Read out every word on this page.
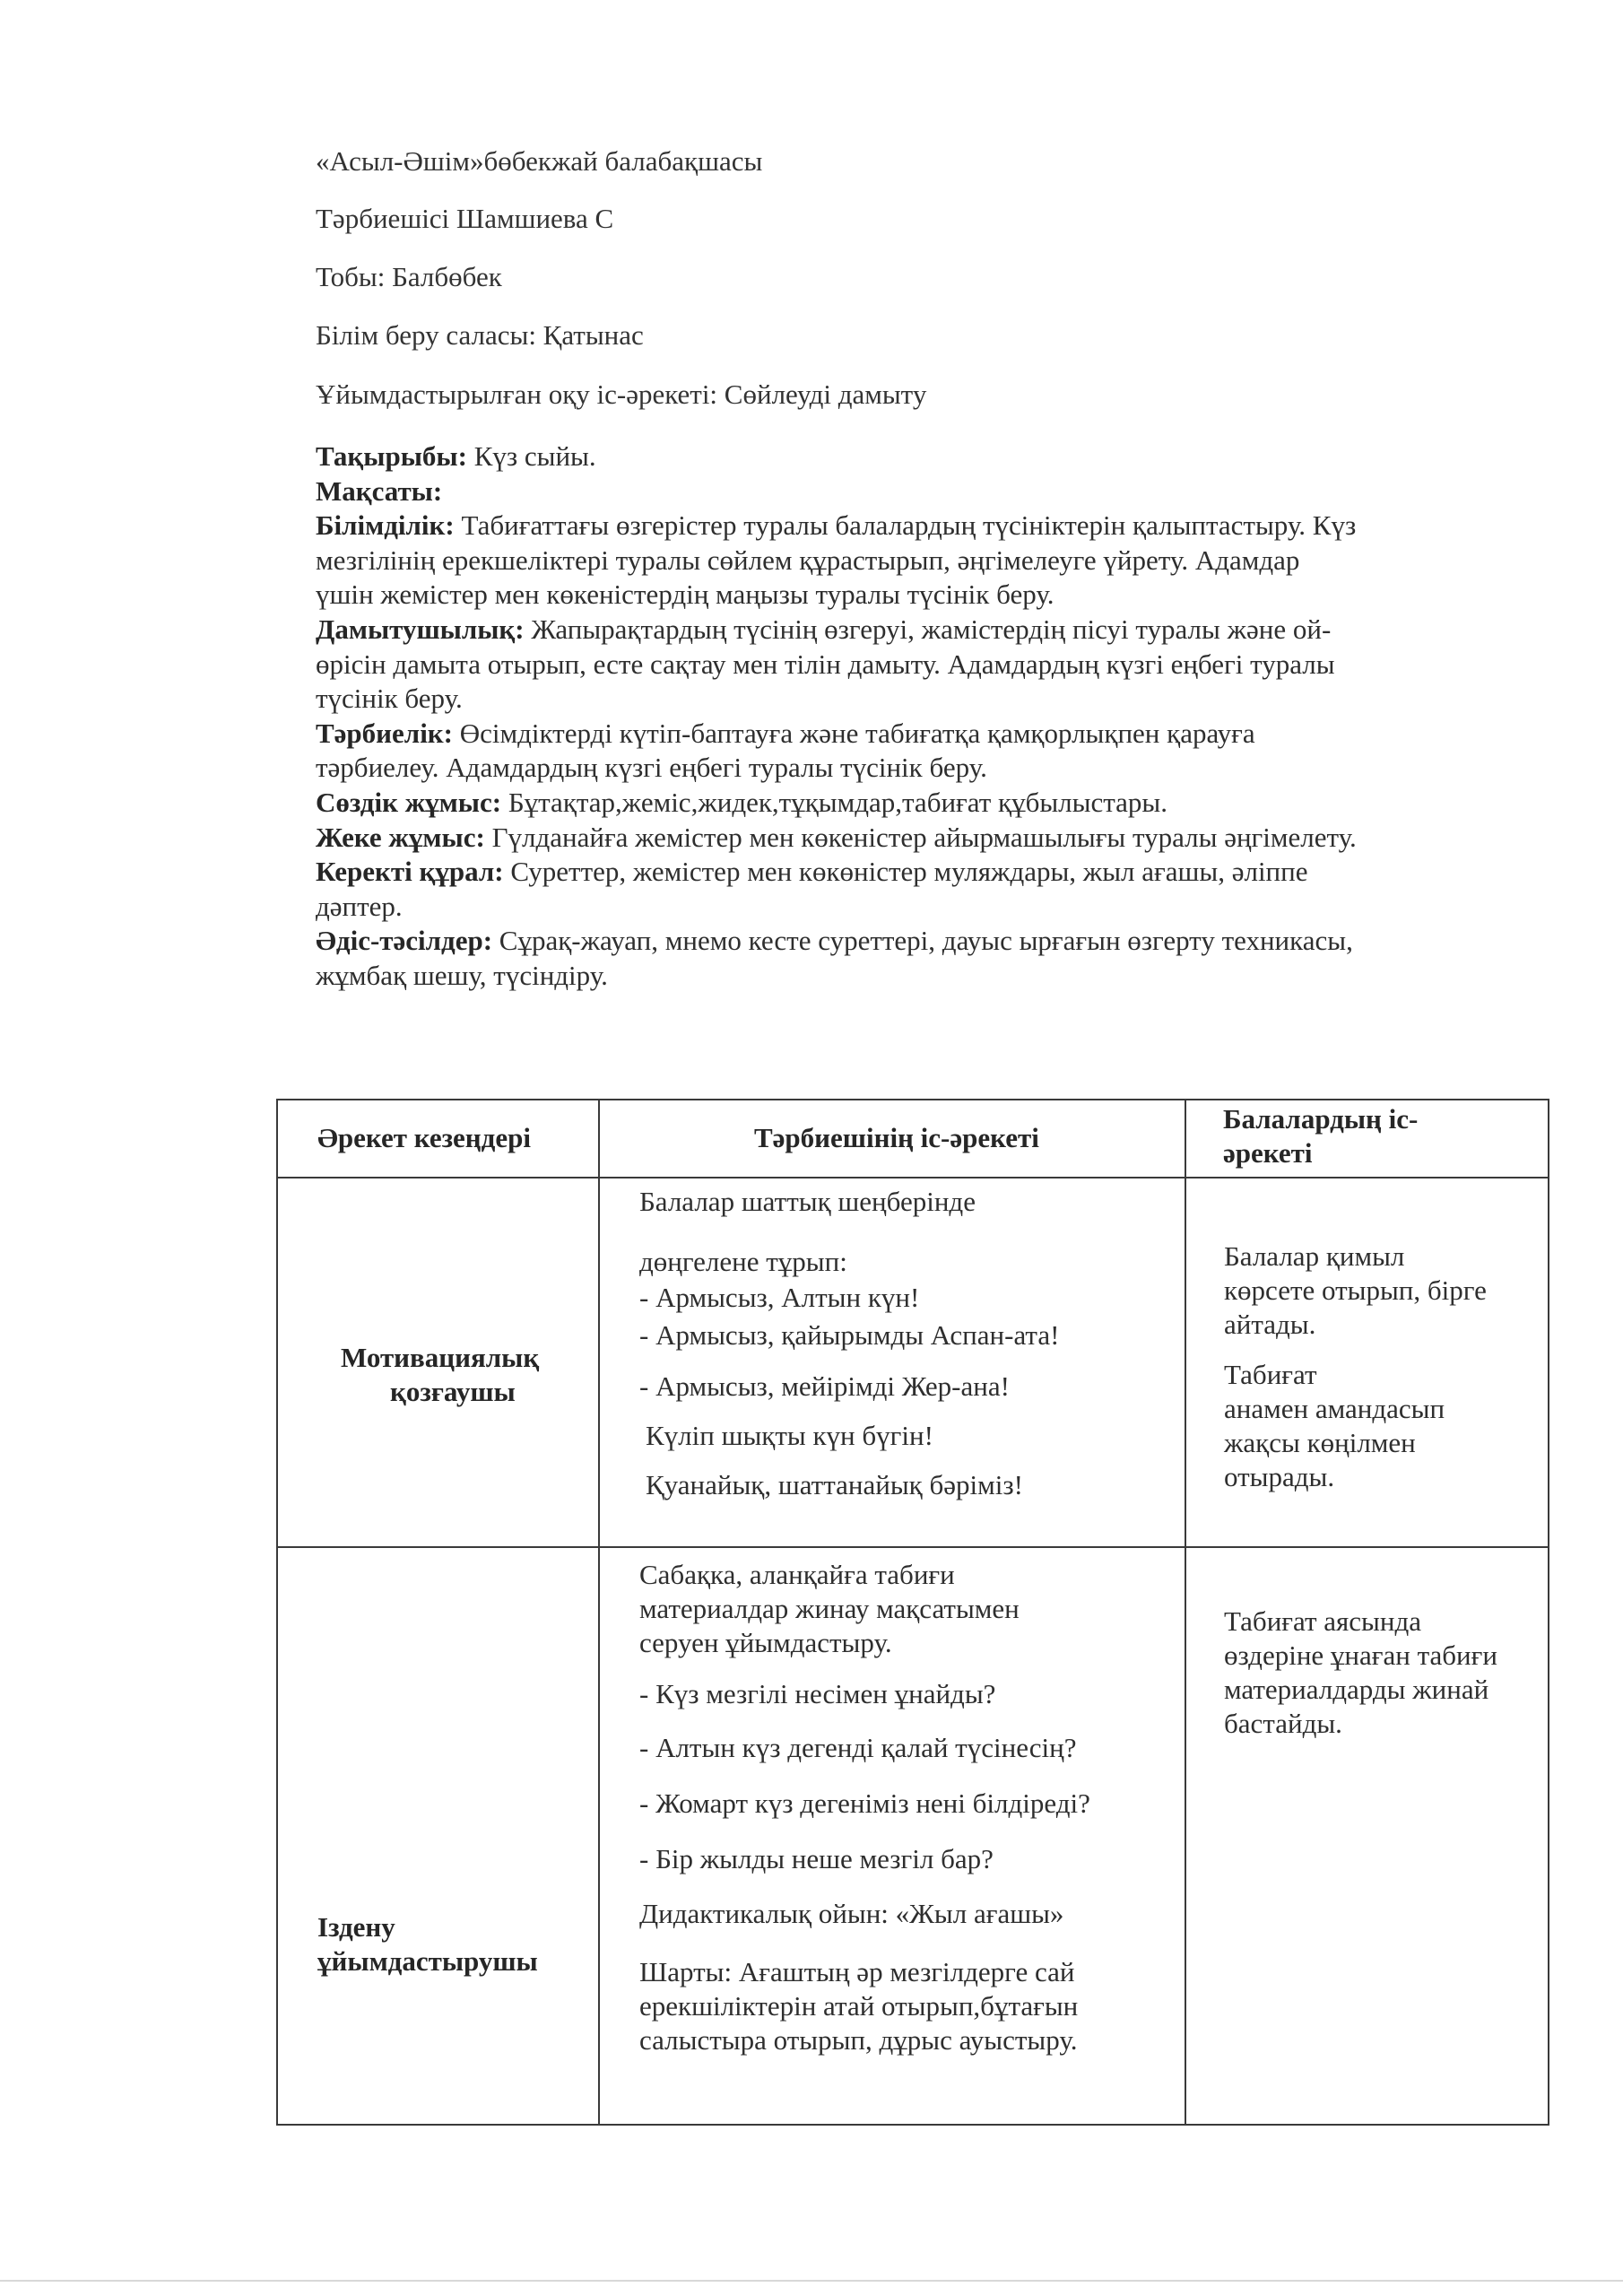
«Асыл-Әшім»бөбекжай балабақшасы
Тәрбиешісі Шамшиева С
Тобы: Балбөбек
Білім беру саласы: Қатынас
Ұйымдастырылған оқу іс-әрекеті: Сөйлеуді дамыту
Тақырыбы: Күз сыйы.
Мақсаты:
Білімділік: Табиғаттағы өзгерістер туралы балалардың түсініктерін қалыптастыру. Күз
мезгілінің ерекшеліктері туралы сөйлем құрастырып, әңгімелеуге үйрету. Адамдар
үшін жемістер мен көкеністердің маңызы туралы түсінік беру.
Дамытушылық: Жапырақтардың түсінің өзгеруі, жамістердің пісуі туралы және ой-
өрісін дамыта отырып, есте сақтау мен тілін дамыту. Адамдардың күзгі еңбегі туралы
түсінік беру.
Тәрбиелік: Өсімдіктерді күтіп-баптауға және табиғатқа қамқорлықпен қарауға
тәрбиелеу. Адамдардың күзгі еңбегі туралы түсінік беру.
Сөздік жұмыс: Бұтақтар,жеміс,жидек,тұқымдар,табиғат құбылыстары.
Жеке жұмыс: Гүлданайға жемістер мен көкеністер айырмашылығы туралы әңгімелету.
Керекті құрал: Суреттер, жемістер мен көкөністер муляждары, жыл ағашы, әліппе
дәптер.
Әдіс-тәсілдер: Сұрақ-жауап, мнемо кесте суреттері, дауыс ырғағын өзгерту техникасы,
жұмбақ шешу, түсіндіру.
Әрекет кезеңдері	Тәрбиешінің іс-әрекеті
Балалардың іс-
әрекеті
Мотивациялық
қозғаушы
Балалар шаттық шеңберінде
дөңгелене тұрып:
- Армысыз, Алтын күн!
- Армысыз, қайырымды Аспан-ата!
- Армысыз, мейірімді Жер-ана!
Күліп шықты күн бүгін!
Қуанайық, шаттанайық бәріміз!
Балалар қимыл
көрсете отырып, бірге
айтады.
Табиғат
анамен амандасып
жақсы көңілмен
отырады.
Іздену
ұйымдастырушы
Сабақка, аланқайға табиғи
материалдар жинау мақсатымен
серуен ұйымдастыру.
- Күз мезгілі несімен ұнайды?
- Алтын күз дегенді қалай түсінесің?
- Жомарт күз дегеніміз нені білдіреді?
- Бір жылды неше мезгіл бар?
Дидактикалық ойын: «Жыл ағашы»
Шарты: Ағаштың әр мезгілдерге сай
ерекшіліктерін атай отырып,бұтағын
салыстыра отырып, дұрыс ауыстыру.
Табиғат аясында
өздеріне ұнаған табиғи
материалдарды жинай
бастайды.
